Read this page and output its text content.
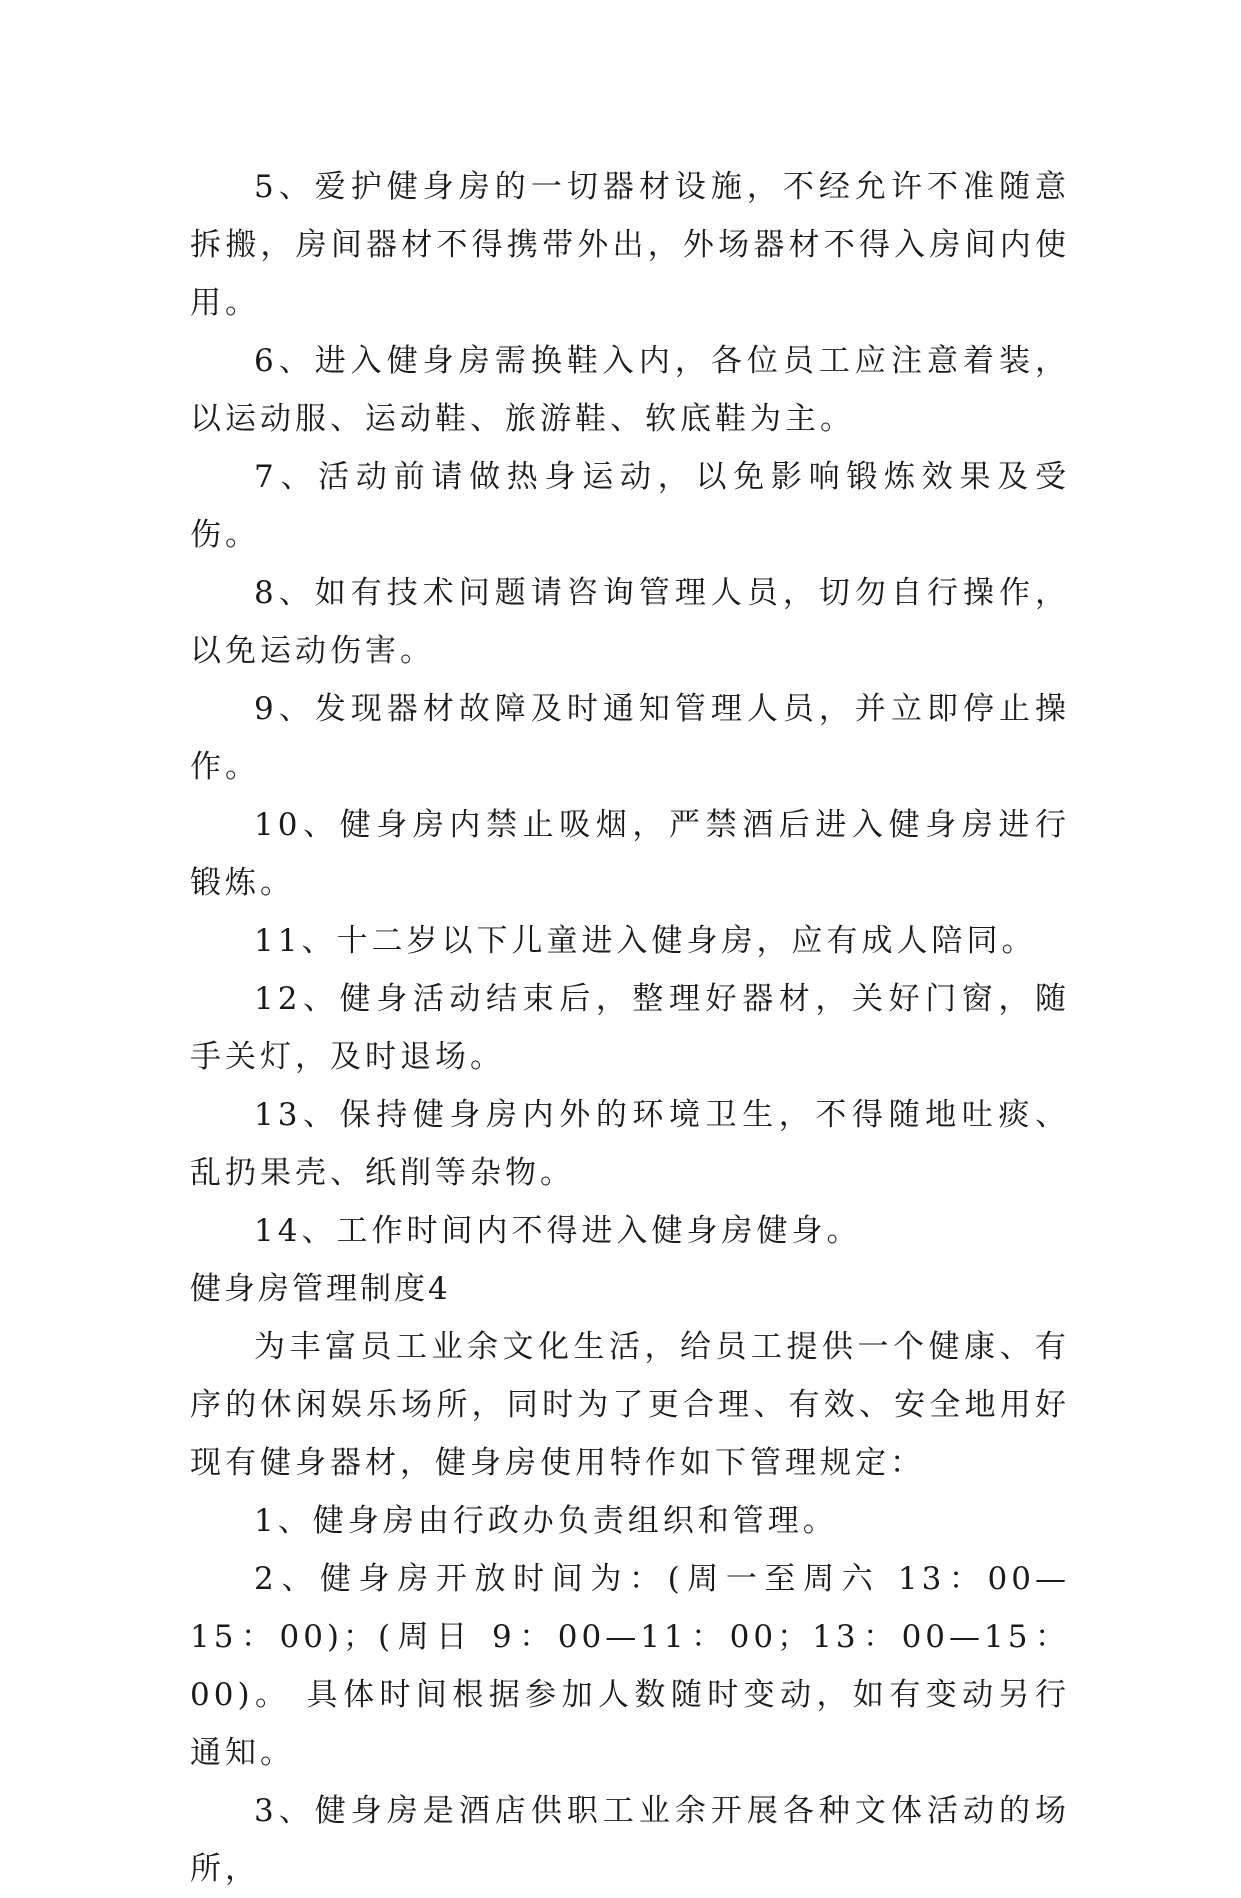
5、爱护健身房的一切器材设施，不经允许不准随意拆搬，房间器材不得携带外出，外场器材不得入房间内使用。

6、进入健身房需换鞋入内，各位员工应注意着装，以运动服、运动鞋、旅游鞋、软底鞋为主。

7、活动前请做热身运动，以免影响锻炼效果及受伤。

8、如有技术问题请咨询管理人员，切勿自行操作，以免运动伤害。

9、发现器材故障及时通知管理人员，并立即停止操作。

10、健身房内禁止吸烟，严禁酒后进入健身房进行锻炼。

11、十二岁以下儿童进入健身房，应有成人陪同。

12、健身活动结束后，整理好器材，关好门窗，随手关灯，及时退场。

13、保持健身房内外的环境卫生，不得随地吐痰、乱扔果壳、纸削等杂物。

14、工作时间内不得进入健身房健身。

健身房管理制度4

为丰富员工业余文化生活，给员工提供一个健康、有序的休闲娱乐场所，同时为了更合理、有效、安全地用好现有健身器材，健身房使用特作如下管理规定：

1、健身房由行政办负责组织和管理。

2、健身房开放时间为：(周一至周六 13：00—15：00)；(周日 9：00—11：00；13：00—15：00)。 具体时间根据参加人数随时变动，如有变动另行通知。

3、健身房是酒店供职工业余开展各种文体活动的场所，
